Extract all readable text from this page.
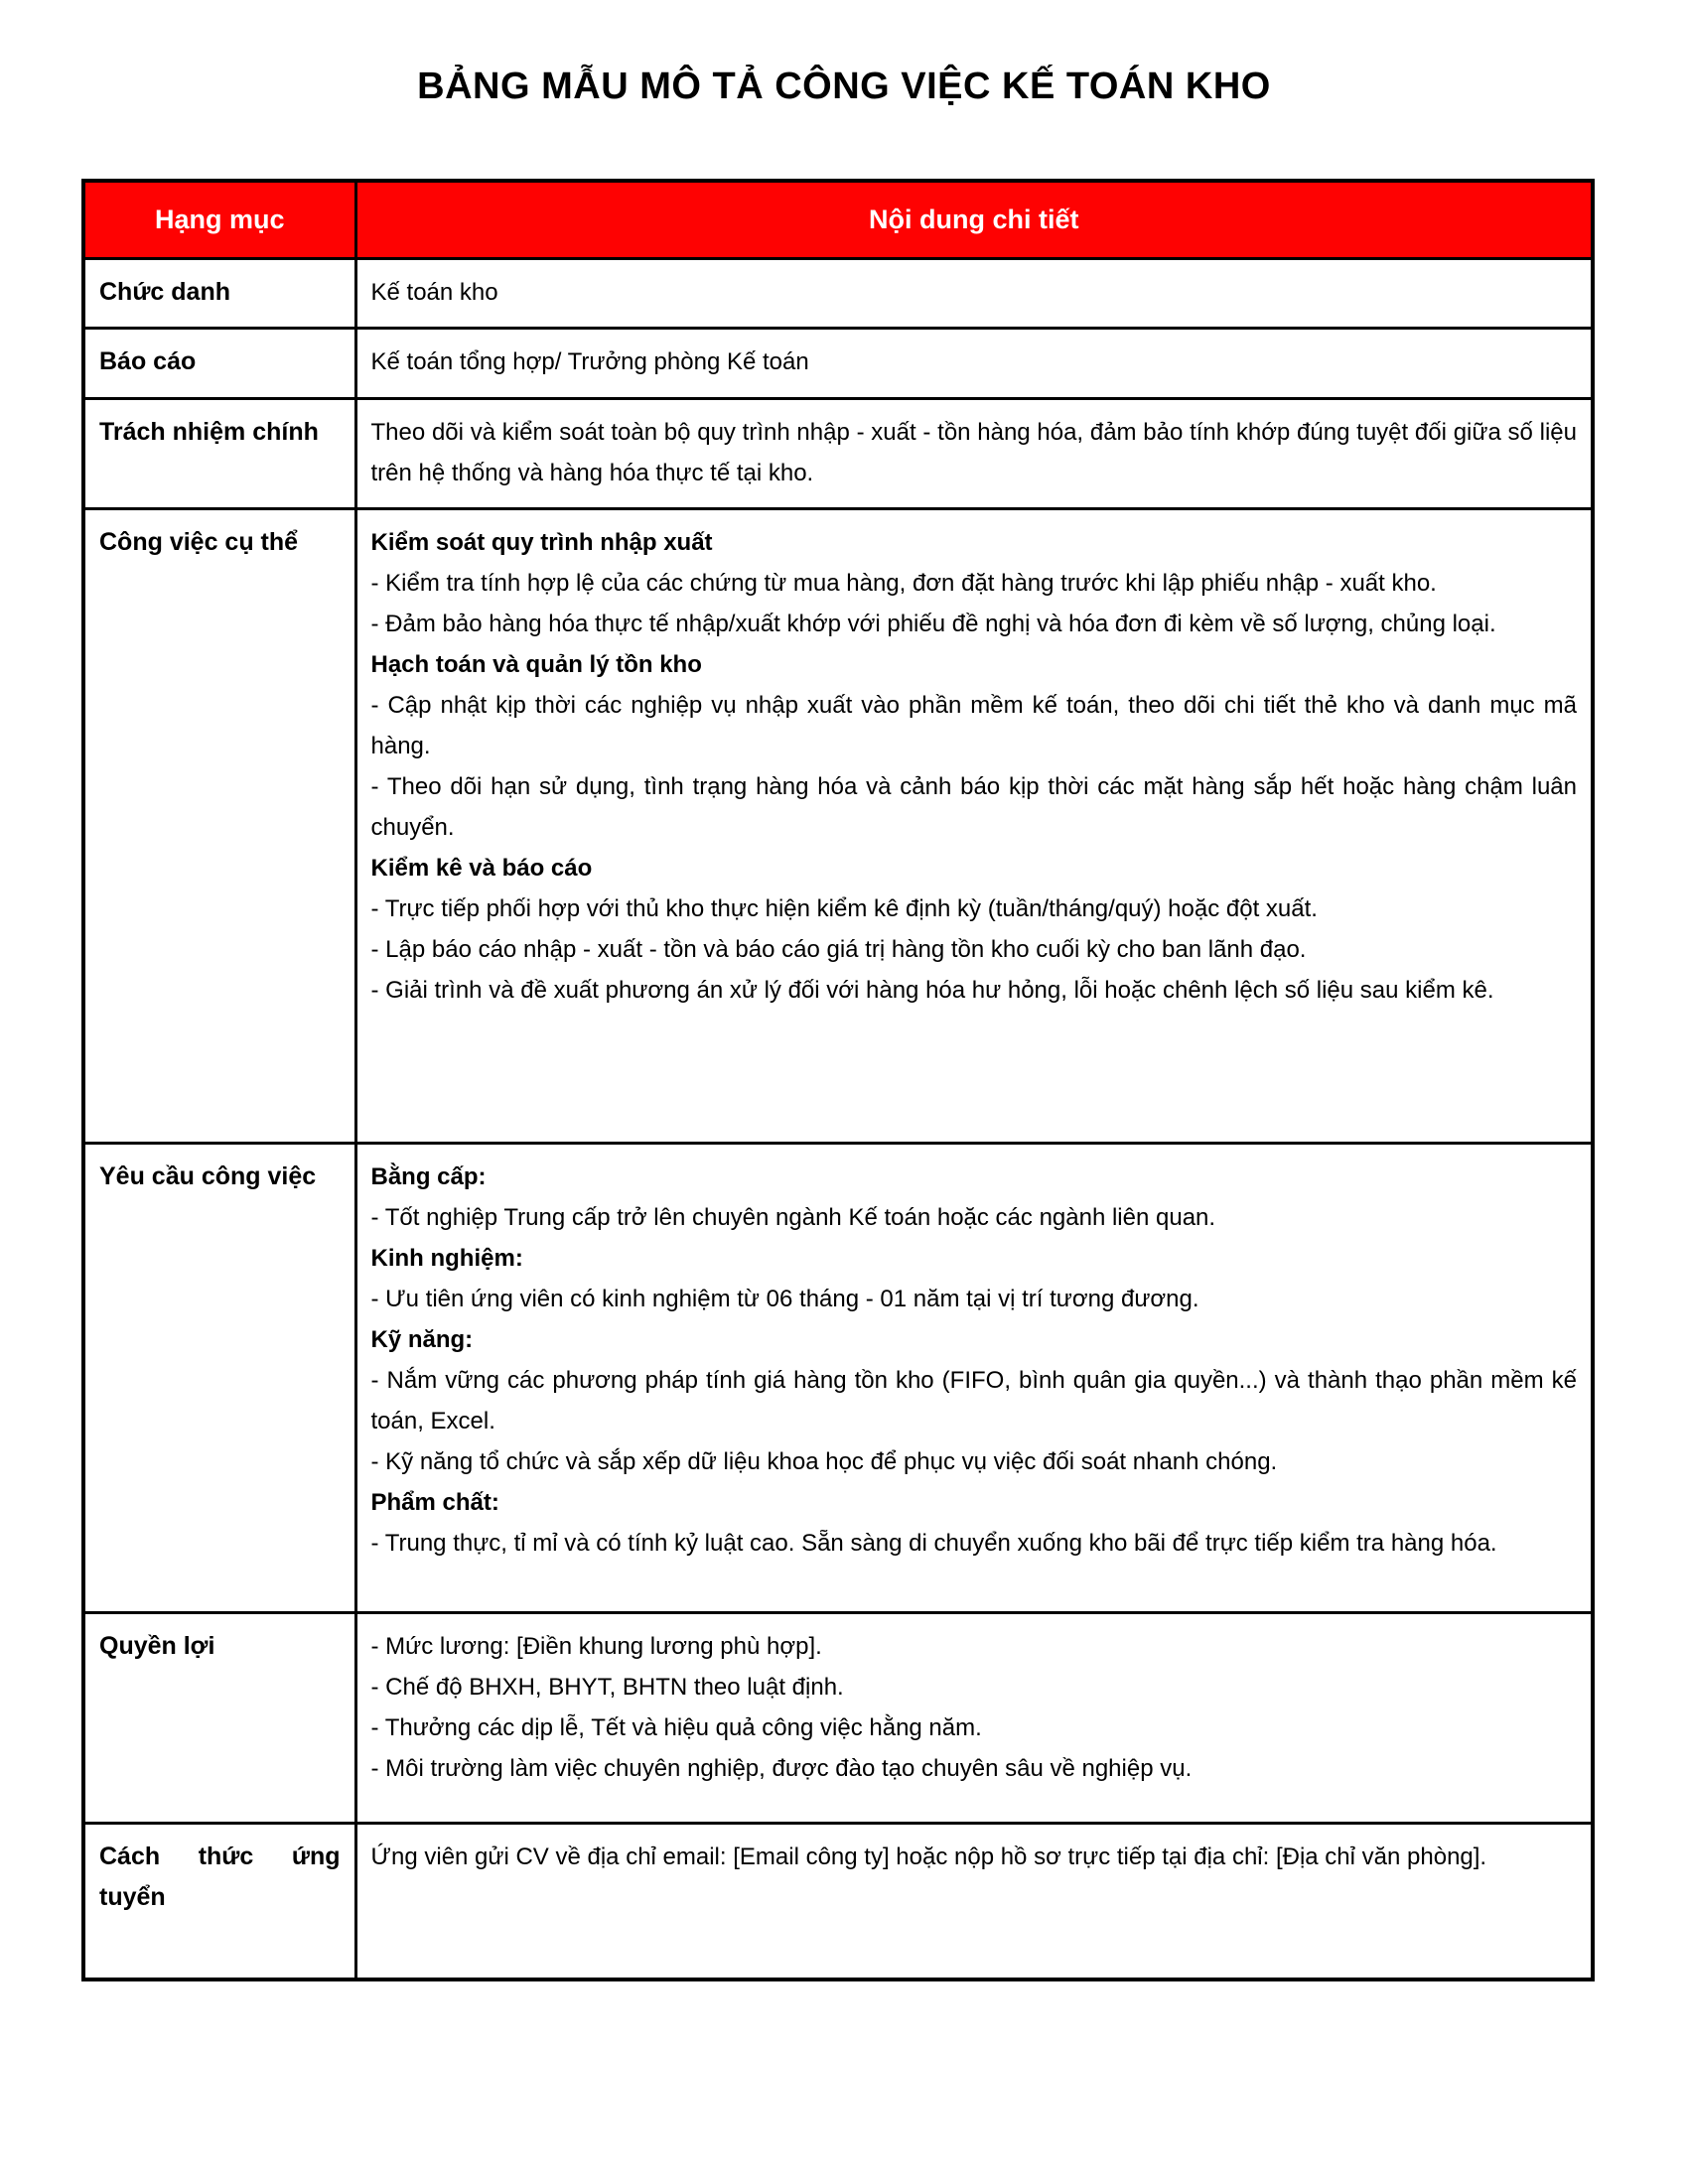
BẢNG MẪU MÔ TẢ CÔNG VIỆC KẾ TOÁN KHO
Hạng mục	Nội dung chi tiết
Chức danh	Kế toán kho

Báo cáo	Kế toán tổng hợp/ Trưởng phòng Kế toán

Trách nhiệm chính	Theo dõi và kiểm soát toàn bộ quy trình nhập - xuất - tồn hàng hóa, đảm bảo tính khớp đúng tuyệt đối giữa số liệu trên hệ thống và hàng hóa thực tế tại kho.

Công việc cụ thể	Kiểm soát quy trình nhập xuất

- Kiểm tra tính hợp lệ của các chứng từ mua hàng, đơn đặt hàng trước khi lập phiếu nhập - xuất kho.

- Đảm bảo hàng hóa thực tế nhập/xuất khớp với phiếu đề nghị và hóa đơn đi kèm về số lượng, chủng loại.

Hạch toán và quản lý tồn kho

- Cập nhật kịp thời các nghiệp vụ nhập xuất vào phần mềm kế toán, theo dõi chi tiết thẻ kho và danh mục mã hàng.

- Theo dõi hạn sử dụng, tình trạng hàng hóa và cảnh báo kịp thời các mặt hàng sắp hết hoặc hàng chậm luân chuyển.

Kiểm kê và báo cáo

- Trực tiếp phối hợp với thủ kho thực hiện kiểm kê định kỳ (tuần/tháng/quý) hoặc đột xuất.

- Lập báo cáo nhập - xuất - tồn và báo cáo giá trị hàng tồn kho cuối kỳ cho ban lãnh đạo.

- Giải trình và đề xuất phương án xử lý đối với hàng hóa hư hỏng, lỗi hoặc chênh lệch số liệu sau kiểm kê.

Yêu cầu công việc	Bằng cấp:

- Tốt nghiệp Trung cấp trở lên chuyên ngành Kế toán hoặc các ngành liên quan.

Kinh nghiệm:

- Ưu tiên ứng viên có kinh nghiệm từ 06 tháng - 01 năm tại vị trí tương đương.

Kỹ năng:

- Nắm vững các phương pháp tính giá hàng tồn kho (FIFO, bình quân gia quyền...) và thành thạo phần mềm kế toán, Excel.

- Kỹ năng tổ chức và sắp xếp dữ liệu khoa học để phục vụ việc đối soát nhanh chóng.

Phẩm chất:

- Trung thực, tỉ mỉ và có tính kỷ luật cao. Sẵn sàng di chuyển xuống kho bãi để trực tiếp kiểm tra hàng hóa.

Quyền lợi	- Mức lương: [Điền khung lương phù hợp].

- Chế độ BHXH, BHYT, BHTN theo luật định.

- Thưởng các dịp lễ, Tết và hiệu quả công việc hằng năm.

- Môi trường làm việc chuyên nghiệp, được đào tạo chuyên sâu về nghiệp vụ.

Cách thức ứng tuyển	Ứng viên gửi CV về địa chỉ email: [Email công ty] hoặc nộp hồ sơ trực tiếp tại địa chỉ: [Địa chỉ văn phòng].
